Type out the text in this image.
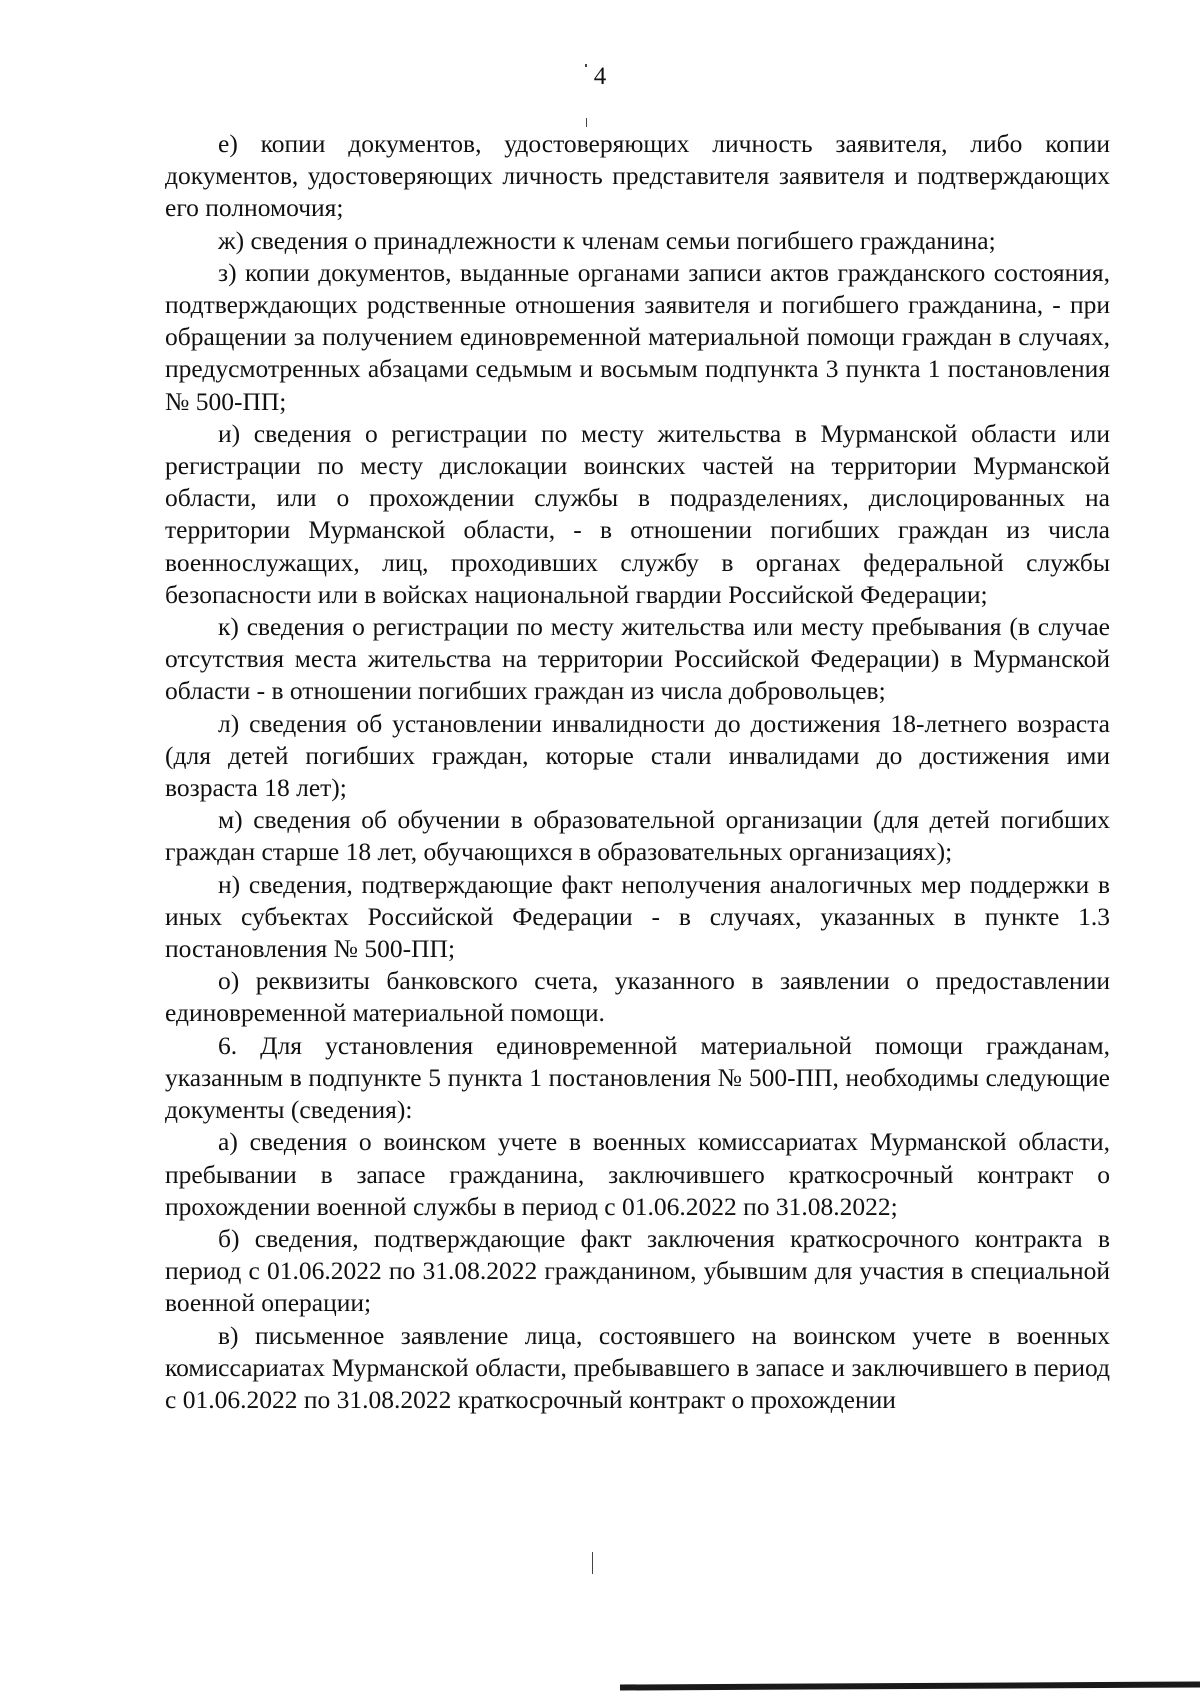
4

е) копии документов, удостоверяющих личность заявителя, либо копии документов, удостоверяющих личность представителя заявителя и подтверждающих его полномочия;

ж) сведения о принадлежности к членам семьи погибшего гражданина;

з) копии документов, выданные органами записи актов гражданского состояния, подтверждающих родственные отношения заявителя и погибшего гражданина, - при обращении за получением единовременной материальной помощи граждан в случаях, предусмотренных абзацами седьмым и восьмым подпункта 3 пункта 1 постановления № 500-ПП;

и) сведения о регистрации по месту жительства в Мурманской области или регистрации по месту дислокации воинских частей на территории Мурманской области, или о прохождении службы в подразделениях, дислоцированных на территории Мурманской области, - в отношении погибших граждан из числа военнослужащих, лиц, проходивших службу в органах федеральной службы безопасности или в войсках национальной гвардии Российской Федерации;

к) сведения о регистрации по месту жительства или месту пребывания (в случае отсутствия места жительства на территории Российской Федерации) в Мурманской области - в отношении погибших граждан из числа добровольцев;

л) сведения об установлении инвалидности до достижения 18-летнего возраста (для детей погибших граждан, которые стали инвалидами до достижения ими возраста 18 лет);

м) сведения об обучении в образовательной организации (для детей погибших граждан старше 18 лет, обучающихся в образовательных организациях);

н) сведения, подтверждающие факт неполучения аналогичных мер поддержки в иных субъектах Российской Федерации - в случаях, указанных в пункте 1.3 постановления № 500-ПП;

о) реквизиты банковского счета, указанного в заявлении о предоставлении единовременной материальной помощи.

6. Для установления единовременной материальной помощи гражданам, указанным в подпункте 5 пункта 1 постановления № 500-ПП, необходимы следующие документы (сведения):

а) сведения о воинском учете в военных комиссариатах Мурманской области, пребывании в запасе гражданина, заключившего краткосрочный контракт о прохождении военной службы в период с 01.06.2022 по 31.08.2022;

б) сведения, подтверждающие факт заключения краткосрочного контракта в период с 01.06.2022 по 31.08.2022 гражданином, убывшим для участия в специальной военной операции;

в) письменное заявление лица, состоявшего на воинском учете в военных комиссариатах Мурманской области, пребывавшего в запасе и заключившего в период с 01.06.2022 по 31.08.2022 краткосрочный контракт о прохождении
